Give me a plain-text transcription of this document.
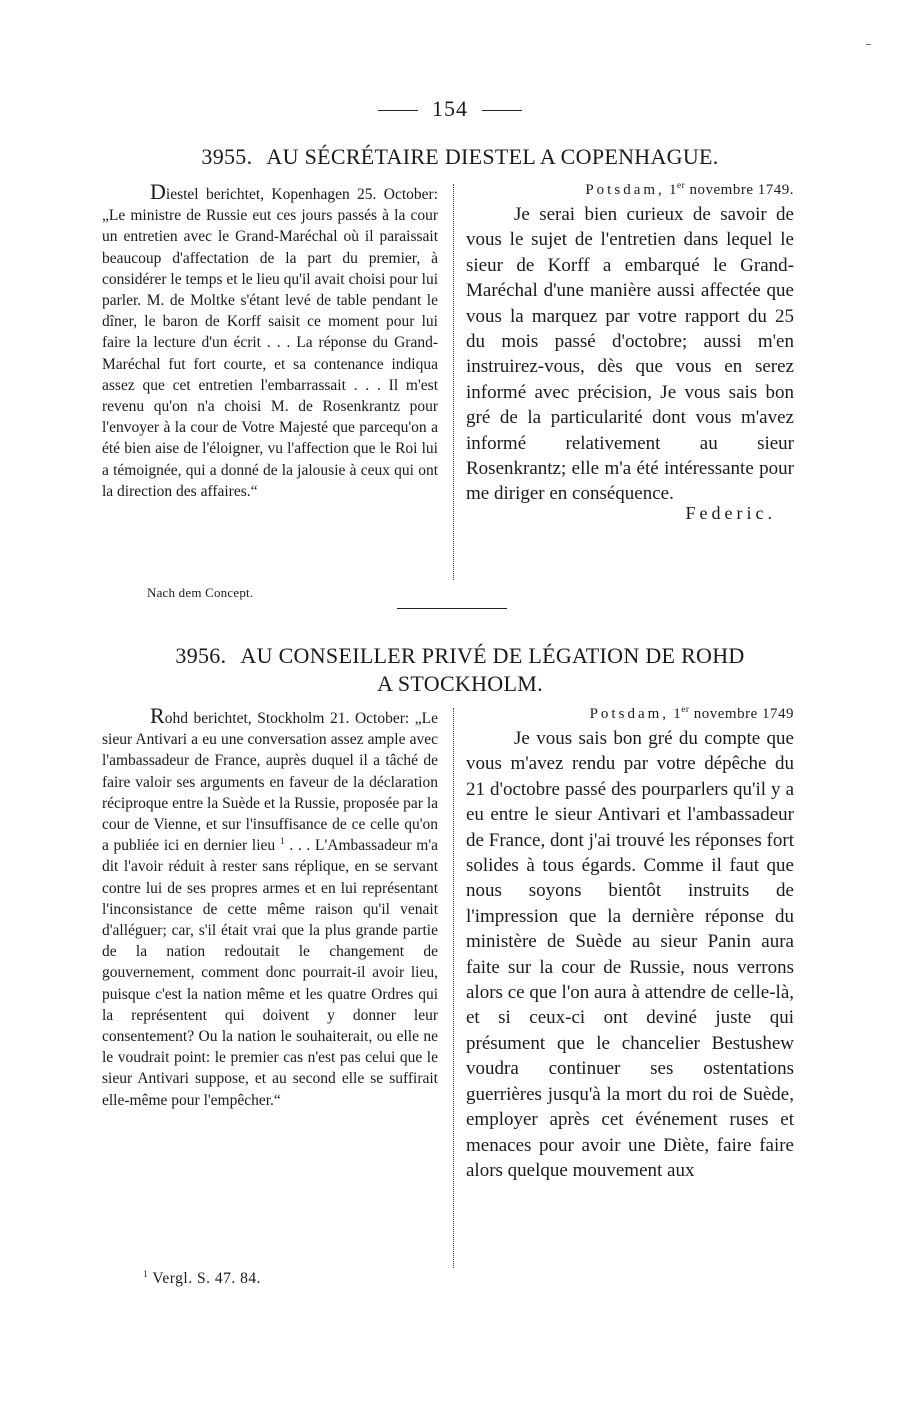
154
3955. AU SÉCRÉTAIRE DIESTEL A COPENHAGUE.

Diestel berichtet, Kopenhagen 25. October: „Le ministre de Russie eut ces jours passés à la cour un entretien avec le Grand-Maréchal où il paraissait beaucoup d'affectation de la part du premier, à considérer le temps et le lieu qu'il avait choisi pour lui parler. M. de Moltke s'étant levé de table pendant le dîner, le baron de Korff saisit ce moment pour lui faire la lecture d'un écrit . . . La réponse du Grand-Maréchal fut fort courte, et sa contenance indiqua assez que cet entretien l'embarrassait . . . Il m'est revenu qu'on n'a choisi M. de Rosenkrantz pour l'envoyer à la cour de Votre Majesté que parcequ'on a été bien aise de l'éloigner, vu l'affection que le Roi lui a témoignée, qui a donné de la jalousie à ceux qui ont la direction des affaires.“

Nach dem Concept.
Potsdam, 1er novembre 1749.

Je serai bien curieux de savoir de vous le sujet de l'entretien dans lequel le sieur de Korff a embarqué le Grand-Maréchal d'une manière aussi affectée que vous la marquez par votre rapport du 25 du mois passé d'octobre; aussi m'en instruirez-vous, dès que vous en serez informé avec précision, Je vous sais bon gré de la particularité dont vous m'avez informé relativement au sieur Rosenkrantz; elle m'a été intéressante pour me diriger en conséquence.

Federic.
3956. AU CONSEILLER PRIVÉ DE LÉGATION DE ROHD
A STOCKHOLM.

Rohd berichtet, Stockholm 21. October: „Le sieur Antivari a eu une conversation assez ample avec l'ambassadeur de France, auprès duquel il a tâché de faire valoir ses arguments en faveur de la déclaration réciproque entre la Suède et la Russie, proposée par la cour de Vienne, et sur l'insuffisance de ce celle qu'on a publiée ici en dernier lieu $^1$ . . . L'Ambassadeur m'a dit l'avoir réduit à rester sans réplique, en se servant contre lui de ses propres armes et en lui représentant l'inconsistance de cette même raison qu'il venait d'alléguer; car, s'il était vrai que la plus grande partie de la nation redoutait le changement de gouvernement, comment donc pourrait-il avoir lieu, puisque c'est la nation même et les quatre Ordres qui la représentent qui doivent y donner leur consentement? Ou la nation le souhaiterait, ou elle ne le voudrait point: le premier cas n'est pas celui que le sieur Antivari suppose, et au second elle se suffirait elle-même pour l'empêcher.“

Potsdam, 1er novembre 1749

Je vous sais bon gré du compte que vous m'avez rendu par votre dépêche du 21 d'octobre passé des pourparlers qu'il y a eu entre le sieur Antivari et l'ambassadeur de France, dont j'ai trouvé les réponses fort solides à tous égards. Comme il faut que nous soyons bientôt instruits de l'impression que la dernière réponse du ministère de Suède au sieur Panin aura faite sur la cour de Russie, nous verrons alors ce que l'on aura à attendre de celle-là, et si ceux-ci ont deviné juste qui présument que le chancelier Bestushew voudra continuer ses ostentations guerrières jusqu'à la mort du roi de Suède, employer après cet événement ruses et menaces pour avoir une Diète, faire faire alors quelque mouvement aux

$^1$ Vergl. S. 47. 84.
